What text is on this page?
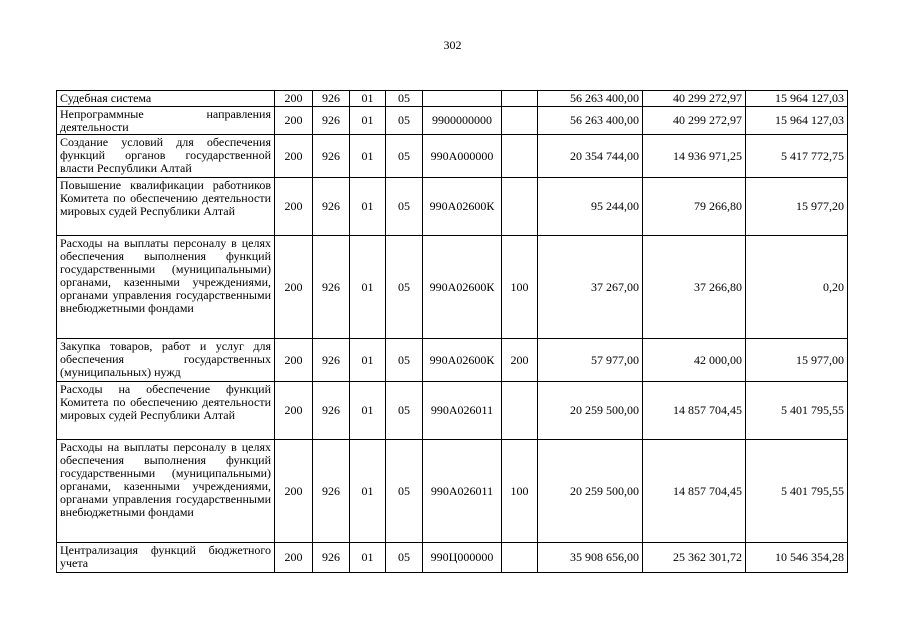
302
Судебная система	200	926	01	05			56 263 400,00	40 299 272,97	15 964 127,03
Непрограммные направления деятельности	200	926	01	05	9900000000		56 263 400,00	40 299 272,97	15 964 127,03
Создание условий для обеспечения функций органов государственной власти Республики Алтай	200	926	01	05	990А000000		20 354 744,00	14 936 971,25	5 417 772,75
Повышение квалификации работников Комитета по обеспечению деятельности мировых судей Республики Алтай	200	926	01	05	990А02600К		95 244,00	79 266,80	15 977,20
Расходы на выплаты персоналу в целях обеспечения выполнения функций государственными (муниципальными) органами, казенными учреждениями, органами управления государственными внебюджетными фондами	200	926	01	05	990А02600К	100	37 267,00	37 266,80	0,20
Закупка товаров, работ и услуг для обеспечения государственных (муниципальных) нужд	200	926	01	05	990А02600К	200	57 977,00	42 000,00	15 977,00
Расходы на обеспечение функций Комитета по обеспечению деятельности мировых судей Республики Алтай	200	926	01	05	990А026011		20 259 500,00	14 857 704,45	5 401 795,55
Расходы на выплаты персоналу в целях обеспечения выполнения функций государственными (муниципальными) органами, казенными учреждениями, органами управления государственными внебюджетными фондами	200	926	01	05	990А026011	100	20 259 500,00	14 857 704,45	5 401 795,55
Централизация функций бюджетного учета	200	926	01	05	990Ц000000		35 908 656,00	25 362 301,72	10 546 354,28
